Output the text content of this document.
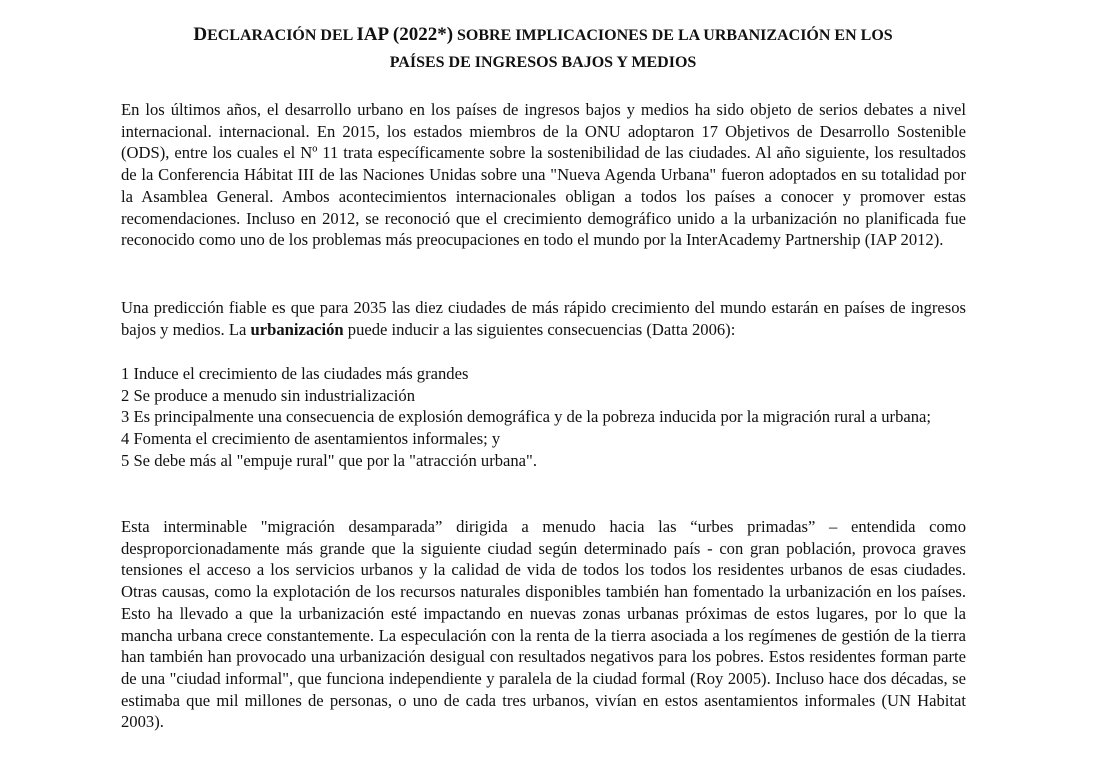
DECLARACIÓN DEL IAP (2022*) SOBRE IMPLICACIONES DE LA URBANIZACIÓN EN LOS
PAÍSES DE INGRESOS BAJOS Y MEDIOS

En los últimos años, el desarrollo urbano en los países de ingresos bajos y medios ha sido objeto de serios debates a nivel internacional. internacional. En 2015, los estados miembros de la ONU adoptaron 17 Objetivos de Desarrollo Sostenible (ODS), entre los cuales el Nº 11 trata específicamente sobre la sostenibilidad de las ciudades. Al año siguiente, los resultados de la Conferencia Hábitat III de las Naciones Unidas sobre una "Nueva Agenda Urbana" fueron adoptados en su totalidad por la Asamblea General. Ambos acontecimientos internacionales obligan a todos los países a conocer y promover estas recomendaciones. Incluso en 2012, se reconoció que el crecimiento demográfico unido a la urbanización no planificada fue reconocido como uno de los problemas más preocupaciones en todo el mundo por la InterAcademy Partnership (IAP 2012).

Una predicción fiable es que para 2035 las diez ciudades de más rápido crecimiento del mundo estarán en países de ingresos bajos y medios. La urbanización puede inducir a las siguientes consecuencias (Datta 2006):

1 Induce el crecimiento de las ciudades más grandes

2 Se produce a menudo sin industrialización

3 Es principalmente una consecuencia de explosión demográfica y de la pobreza inducida por la migración rural a urbana;

4 Fomenta el crecimiento de asentamientos informales; y

5 Se debe más al "empuje rural" que por la "atracción urbana".

Esta interminable "migración desamparada” dirigida a menudo hacia las “urbes primadas” – entendida como desproporcionadamente más grande que la siguiente ciudad según determinado país - con gran población, provoca graves tensiones el acceso a los servicios urbanos y la calidad de vida de todos los todos los residentes urbanos de esas ciudades. Otras causas, como la explotación de los recursos naturales disponibles también han fomentado la urbanización en los países. Esto ha llevado a que la urbanización esté impactando en nuevas zonas urbanas próximas de estos lugares, por lo que la mancha urbana crece constantemente. La especulación con la renta de la tierra asociada a los regímenes de gestión de la tierra han también han provocado una urbanización desigual con resultados negativos para los pobres. Estos residentes forman parte de una "ciudad informal", que funciona independiente y paralela de la ciudad formal (Roy 2005). Incluso hace dos décadas, se estimaba que mil millones de personas, o uno de cada tres urbanos, vivían en estos asentamientos informales (UN Habitat 2003).
